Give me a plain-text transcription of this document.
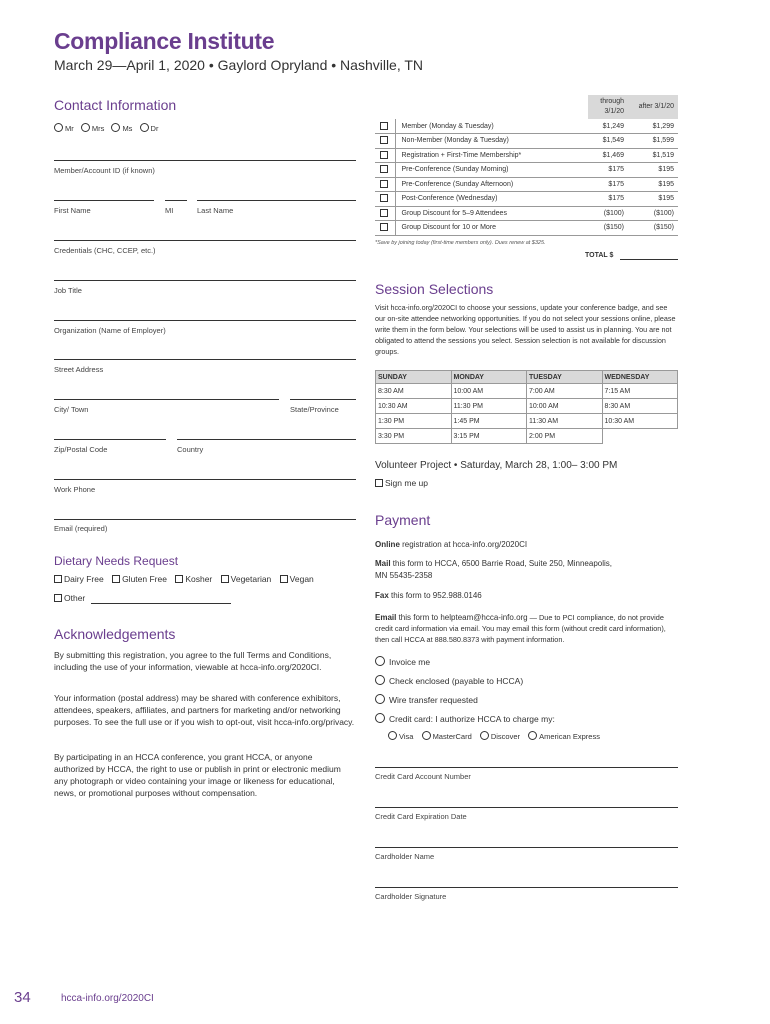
Compliance Institute
March 29—April 1, 2020 • Gaylord Opryland • Nashville, TN
Contact Information
Mr Mrs Ms Dr
Member/Account ID (if known)
First Name	MI	Last Name
Credentials (CHC, CCEP, etc.)
Job Title
Organization (Name of Employer)
Street Address
City/ Town	State/Province
Zip/Postal Code	Country
Work Phone
Email (required)
Dietary Needs Request
Dairy Free Gluten Free Kosher Vegetarian Vegan
Other
Acknowledgements
By submitting this registration, you agree to the full Terms and Conditions, including the use of your information, viewable at hcca-info.org/2020CI.
Your information (postal address) may be shared with conference exhibitors, attendees, speakers, affiliates, and partners for marketing and/or networking purposes. To see the full use or if you wish to opt-out, visit hcca-info.org/privacy.
By participating in an HCCA conference, you grant HCCA, or anyone authorized by HCCA, the right to use or publish in print or electronic medium any photograph or video containing your image or likeness for educational, news, or promotional purposes without compensation.
		through 3/1/20	after 3/1/20
	Member (Monday & Tuesday)	$1,249	$1,299
	Non-Member (Monday & Tuesday)	$1,549	$1,599
	Registration + First-Time Membership*	$1,469	$1,519
	Pre-Conference (Sunday Morning)	$175	$195
	Pre-Conference (Sunday Afternoon)	$175	$195
	Post-Conference (Wednesday)	$175	$195
	Group Discount for 5–9 Attendees	($100)	($100)
	Group Discount for 10 or More	($150)	($150)
*Save by joining today (first-time members only). Dues renew at $325.
TOTAL $
Session Selections
Visit hcca-info.org/2020CI to choose your sessions, update your conference badge, and see our on-site attendee networking opportunities. If you do not select your sessions online, please write them in the form below. Your selections will be used to assist us in planning. You are not obligated to attend the sessions you select. Session selection is not available for discussion groups.
SUNDAY	MONDAY	TUESDAY	WEDNESDAY
8:30 AM	10:00 AM	7:00 AM	7:15 AM
10:30 AM	11:30 PM	10:00 AM	8:30 AM
1:30 PM	1:45 PM	11:30 AM	10:30 AM
3:30 PM	3:15 PM	2:00 PM	
Volunteer Project • Saturday, March 28, 1:00– 3:00 PM
Sign me up
Payment
Online registration at hcca-info.org/2020CI
Mail this form to HCCA, 6500 Barrie Road, Suite 250, Minneapolis, MN 55435-2358
Fax this form to 952.988.0146
Email this form to helpteam@hcca-info.org — Due to PCI compliance, do not provide credit card information via email. You may email this form (without credit card information), then call HCCA at 888.580.8373 with payment information.
Invoice me
Check enclosed (payable to HCCA)
Wire transfer requested
Credit card: I authorize HCCA to charge my:
Visa	MasterCard	Discover	American Express
Credit Card Account Number
Credit Card Expiration Date
Cardholder Name
Cardholder Signature
34	hcca-info.org/2020CI
